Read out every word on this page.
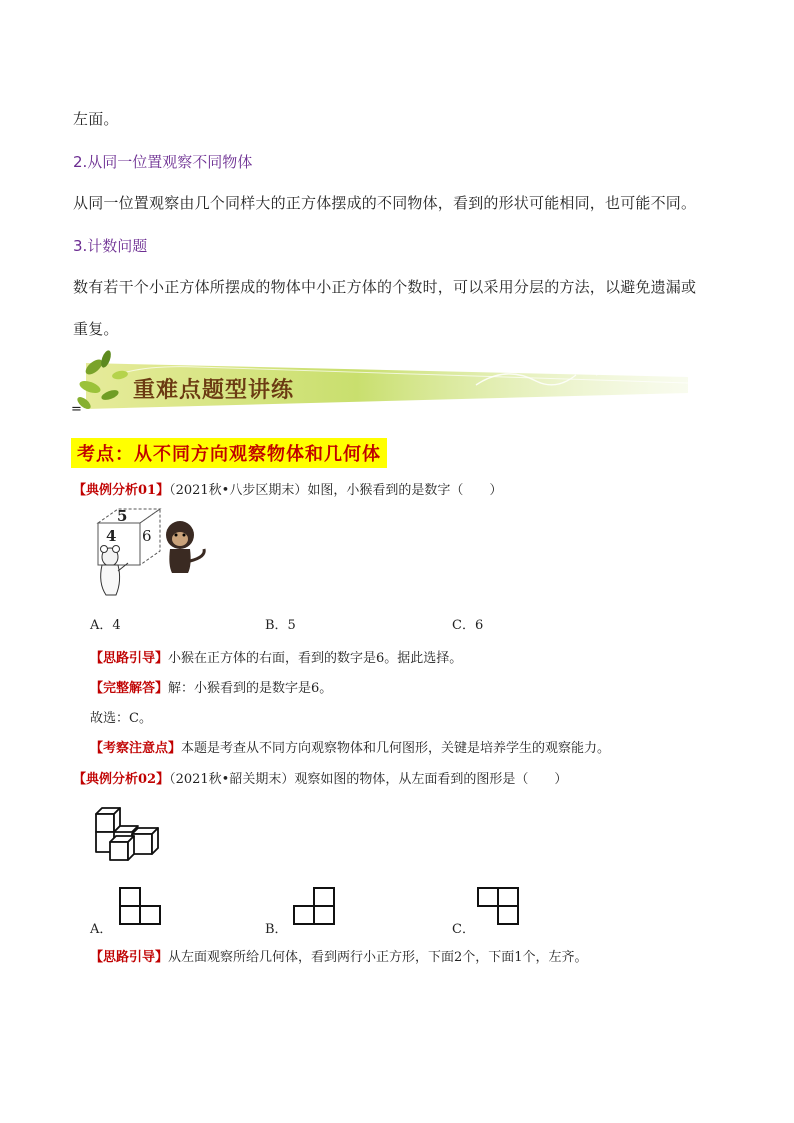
左面。
2.从同一位置观察不同物体
从同一位置观察由几个同样大的正方体摆成的不同物体，看到的形状可能相同，也可能不同。
3.计数问题
数有若干个小正方体所摆成的物体中小正方体的个数时，可以采用分层的方法，以避免遗漏或
重复。
重难点题型讲练
=
考点：从不同方向观察物体和几何体
【典例分析01】（2021秋•八步区期末）如图，小猴看到的是数字（　　）
5
4 6
A．4	B．5	C．6
【思路引导】小猴在正方体的右面，看到的数字是6。据此选择。
【完整解答】解：小猴看到的是数字是6。
故选：C。
【考察注意点】本题是考查从不同方向观察物体和几何图形，关键是培养学生的观察能力。
【典例分析02】（2021秋•韶关期末）观察如图的物体，从左面看到的图形是（　　）
A．	B．	C．
【思路引导】从左面观察所给几何体，看到两行小正方形，下面2个，下面1个，左齐。
